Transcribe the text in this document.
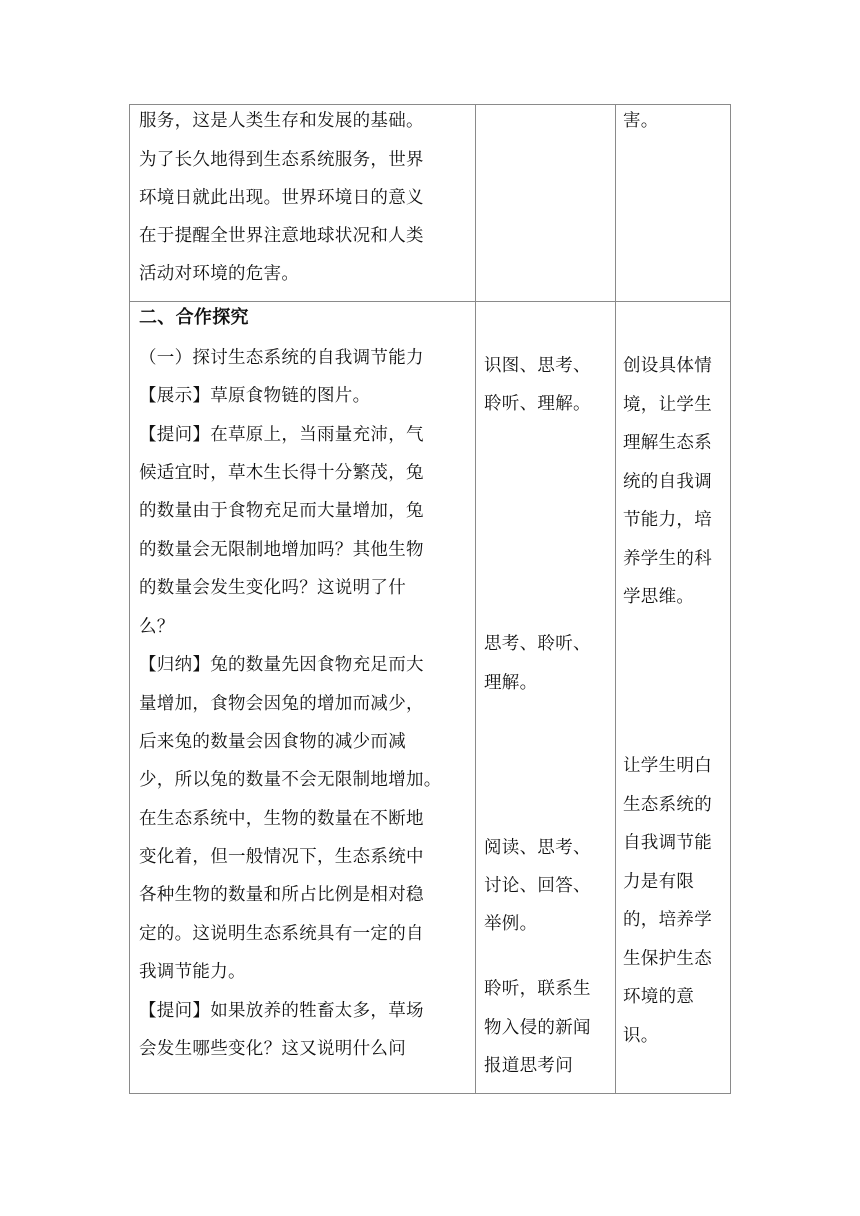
服务，这是人类生存和发展的基础。
为了长久地得到生态系统服务，世界
环境日就此出现。世界环境日的意义
在于提醒全世界注意地球状况和人类
活动对环境的危害。
害。
二、合作探究
（一）探讨生态系统的自我调节能力
【展示】草原食物链的图片。
【提问】在草原上，当雨量充沛，气
候适宜时，草木生长得十分繁茂，兔
的数量由于食物充足而大量增加，兔
的数量会无限制地增加吗？其他生物
的数量会发生变化吗？这说明了什
么？
【归纳】兔的数量先因食物充足而大
量增加，食物会因兔的增加而减少，
后来兔的数量会因食物的减少而减
少，所以兔的数量不会无限制地增加。
在生态系统中，生物的数量在不断地
变化着，但一般情况下，生态系统中
各种生物的数量和所占比例是相对稳
定的。这说明生态系统具有一定的自
我调节能力。
【提问】如果放养的牲畜太多，草场
会发生哪些变化？这又说明什么问
识图、思考、
聆听、理解。
思考、聆听、
理解。
阅读、思考、
讨论、回答、
举例。
聆听，联系生
物入侵的新闻
报道思考问
创设具体情
境，让学生
理解生态系
统的自我调
节能力，培
养学生的科
学思维。
让学生明白
生态系统的
自我调节能
力是有限
的，培养学
生保护生态
环境的意
识。
